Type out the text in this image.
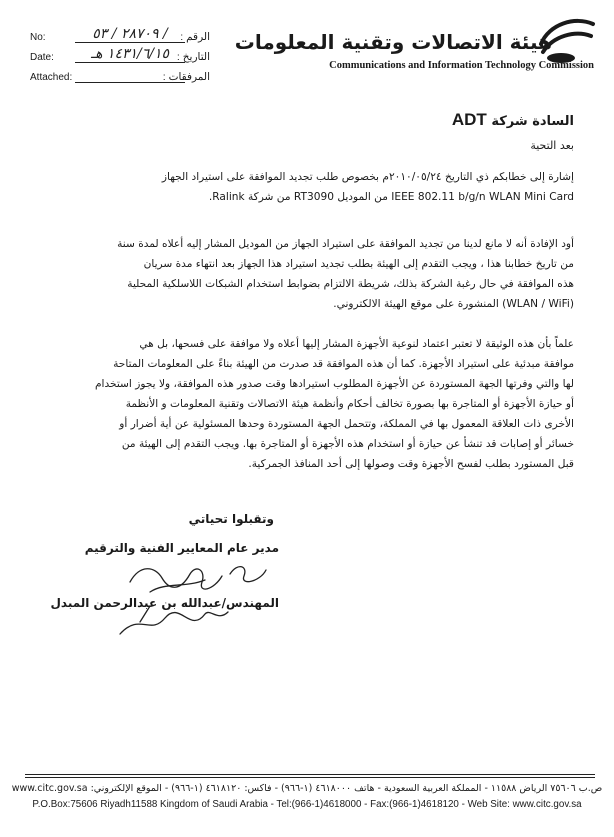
No:	٢٨٧٠٩ / ٥٣ /	الرقم :
Date:	١٤٣١/٦/١٥ هـ التاريخ :
Attached:	المرفقات :
هيئة الاتصالات وتقنية المعلومات
Communications and Information Technology Commission
السادة شركة ADT
بعد التحية
إشارة إلى خطابكم ذي التاريخ ٢٠١٠/٠٥/٢٤م بخصوص طلب تجديد الموافقة على استيراد الجهاز
IEEE 802.11 b/g/n WLAN Mini Card من الموديل RT3090 من شركة Ralink.
أود الإفادة أنه لا مانع لدينا من تجديد الموافقة على استيراد الجهاز من الموديل المشار إليه أعلاه لمدة سنة
من تاريخ خطابنا هذا ، ويجب التقدم إلى الهيئة بطلب تجديد استيراد هذا الجهاز بعد انتهاء مدة سريان
هذه الموافقة في حال رغبة الشركة بذلك، شريطة الالتزام بضوابط استخدام الشبكات اللاسلكية المحلية
(WLAN / WiFi) المنشورة على موقع الهيئة الالكتروني.
علماً بأن هذه الوثيقة لا تعتبر اعتماد لنوعية الأجهزة المشار إليها أعلاه ولا موافقة على فسحها، بل هي
موافقة مبدئية على استيراد الأجهزة. كما أن هذه الموافقة قد صدرت من الهيئة بناءً على المعلومات المتاحة
لها والتي وفرتها الجهة المستوردة عن الأجهزة المطلوب استيرادها وقت صدور هذه الموافقة، ولا يجوز استخدام
أو حيازة الأجهزة أو المتاجرة بها بصورة تخالف أحكام وأنظمة هيئة الاتصالات وتقنية المعلومات و الأنظمة
الأخرى ذات العلاقة المعمول بها في المملكة، وتتحمل الجهة المستوردة وحدها المسئولية عن أية أضرار أو
خسائر أو إصابات قد تنشأ عن حيازة أو استخدام هذه الأجهزة أو المتاجرة بها. ويجب التقدم إلى الهيئة من
قبل المستورد بطلب لفسح الأجهزة وقت وصولها إلى أحد المنافذ الجمركية.
وتقبلوا تحياتي
مدير عام المعايير الفنية والترقيم
المهندس/عبدالله بن عبدالرحمن المبدل
ص.ب ٧٥٦٠٦ الرياض ١١٥٨٨ - المملكة العربية السعودية - هاتف ٤٦١٨٠٠٠ (١-٩٦٦) - فاكس: ٤٦١٨١٢٠ (١-٩٦٦) - الموقع الإلكتروني: www.citc.gov.sa
P.O.Box:75606 Riyadh11588 Kingdom of Saudi Arabia - Tel:(966-1)4618000 - Fax:(966-1)4618120 - Web Site: www.citc.gov.sa
